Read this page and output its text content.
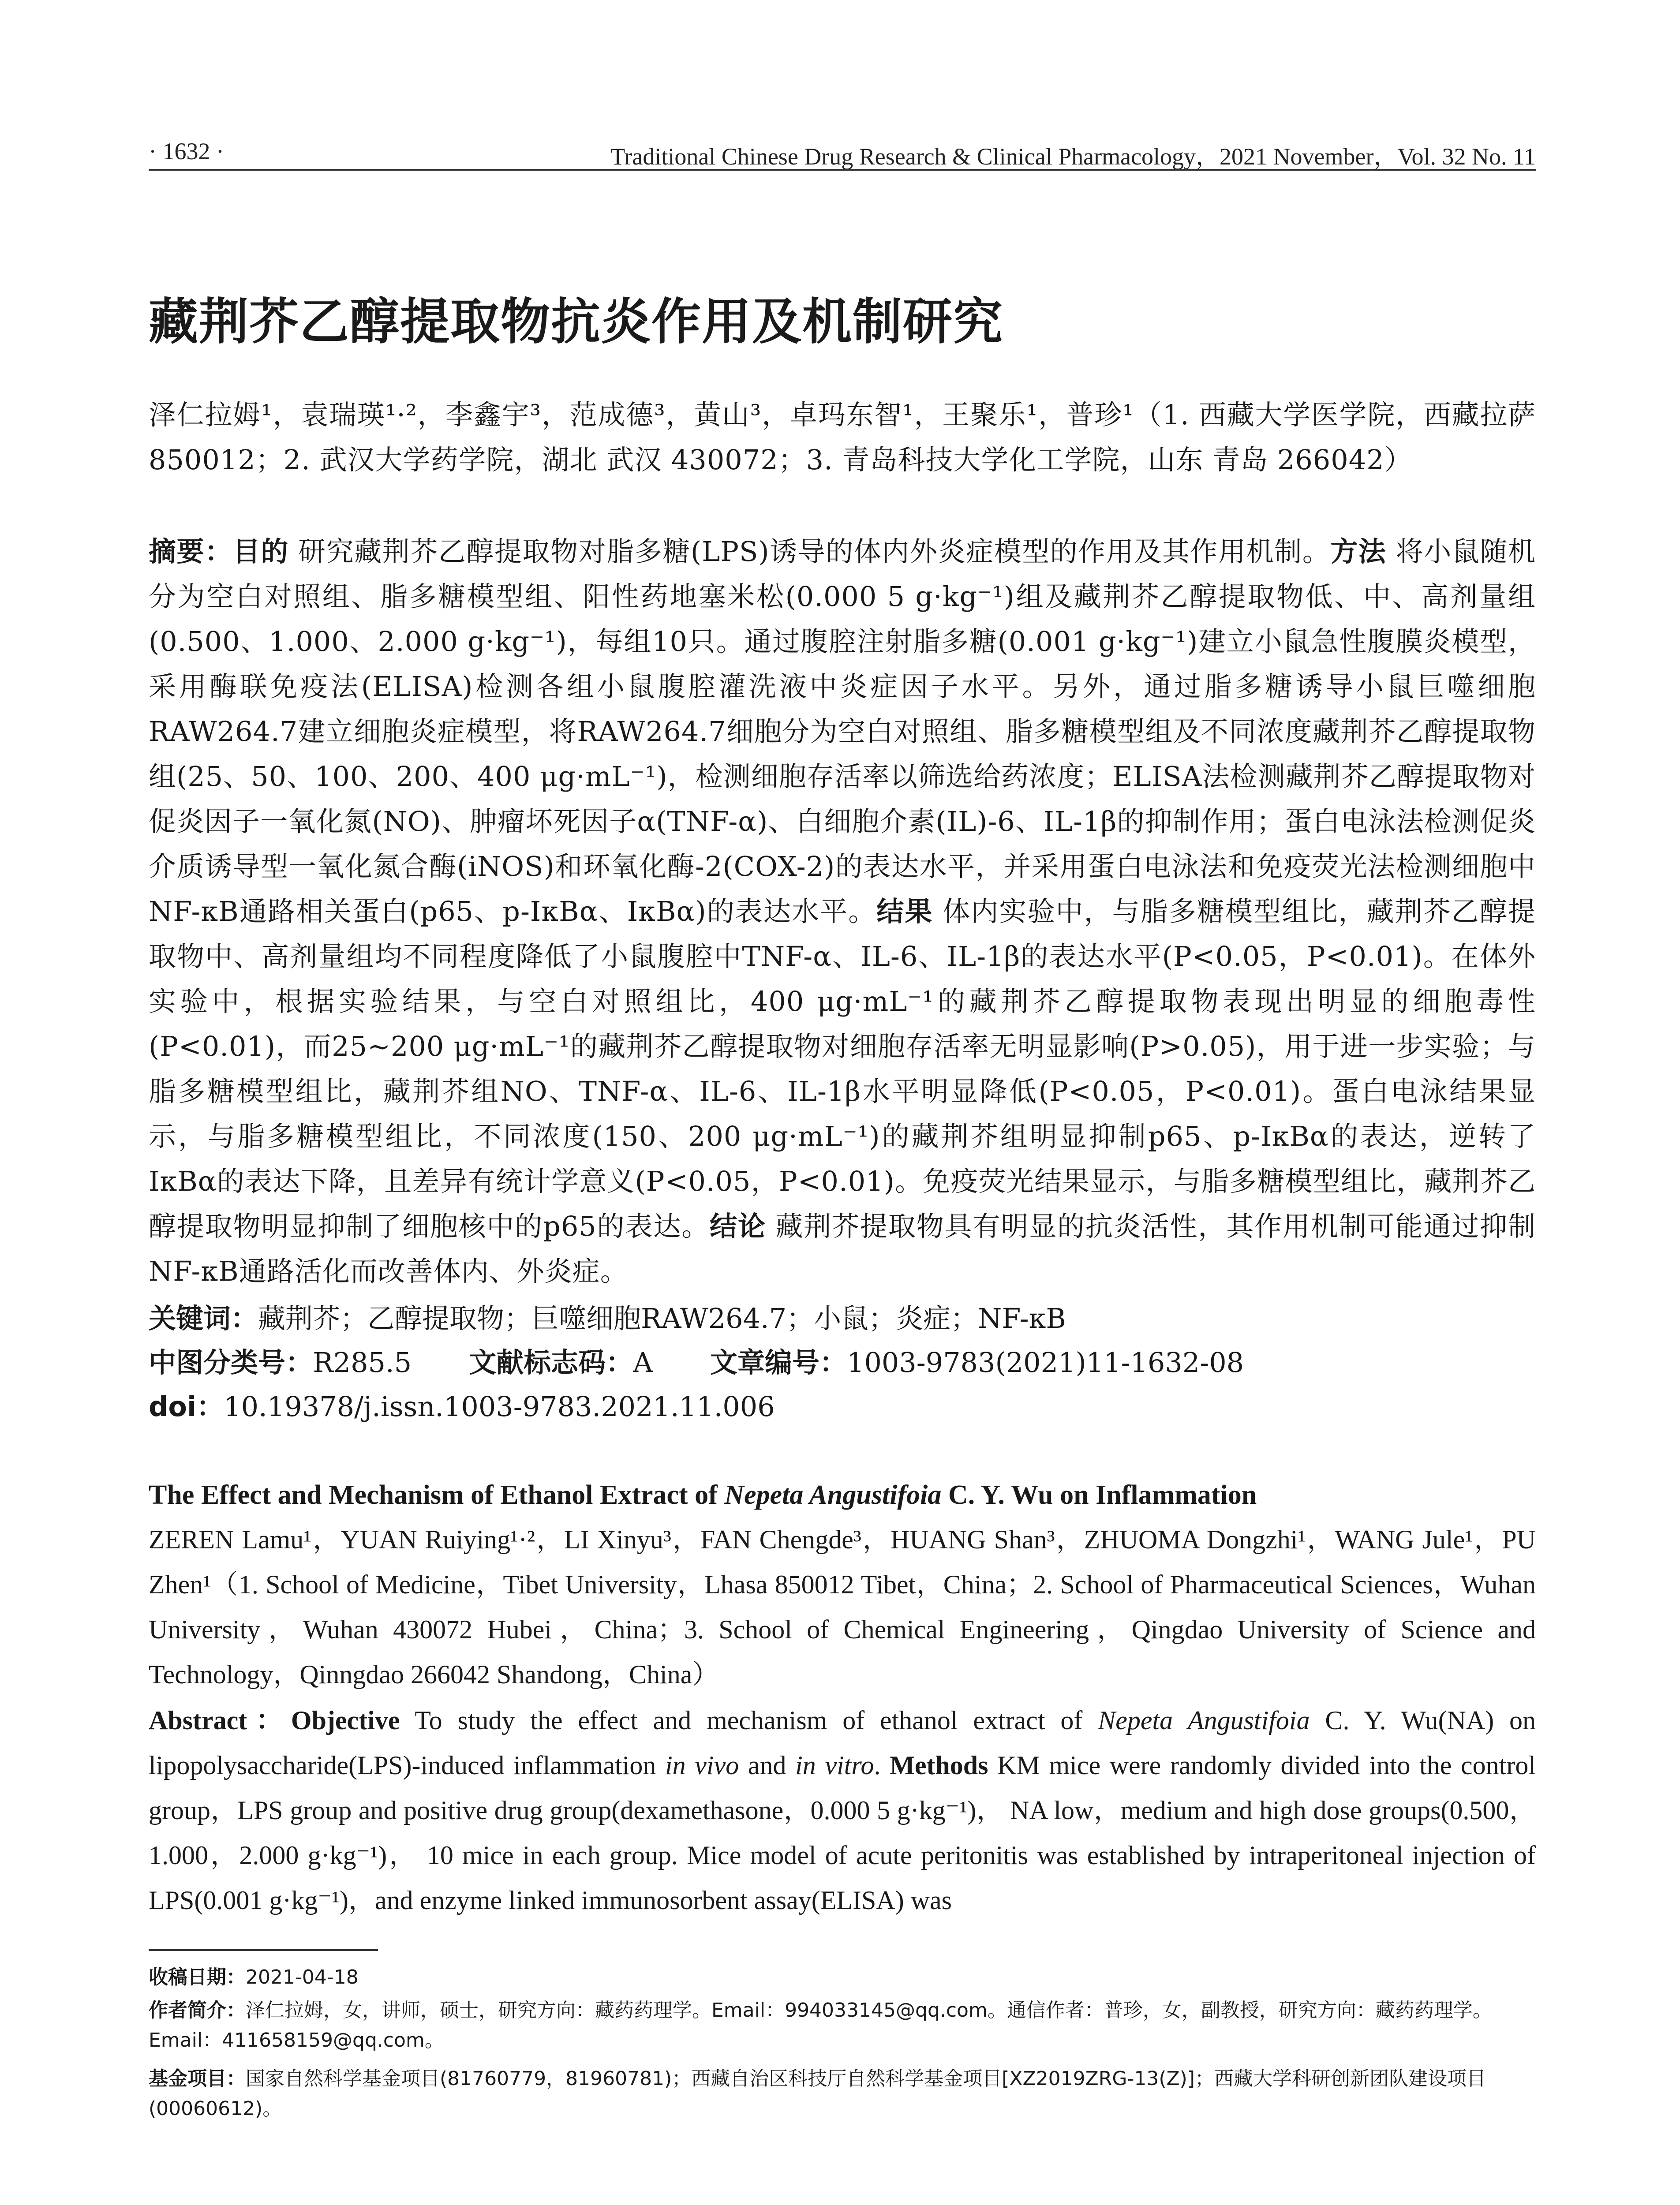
· 1632 ·	Traditional Chinese Drug Research & Clinical Pharmacology，2021 November，Vol. 32 No. 11
藏荆芥乙醇提取物抗炎作用及机制研究
泽仁拉姆¹，袁瑞瑛¹·²，李鑫宇³，范成德³，黄山³，卓玛东智¹，王聚乐¹，普珍¹（1. 西藏大学医学院，西藏拉萨 850012；2. 武汉大学药学院，湖北 武汉 430072；3. 青岛科技大学化工学院，山东 青岛 266042）
摘要：目的 研究藏荆芥乙醇提取物对脂多糖(LPS)诱导的体内外炎症模型的作用及其作用机制。方法 将小鼠随机分为空白对照组、脂多糖模型组、阳性药地塞米松(0.000 5 g·kg⁻¹)组及藏荆芥乙醇提取物低、中、高剂量组(0.500、1.000、2.000 g·kg⁻¹)，每组10只。通过腹腔注射脂多糖(0.001 g·kg⁻¹)建立小鼠急性腹膜炎模型，采用酶联免疫法(ELISA)检测各组小鼠腹腔灌洗液中炎症因子水平。另外，通过脂多糖诱导小鼠巨噬细胞RAW264.7建立细胞炎症模型，将RAW264.7细胞分为空白对照组、脂多糖模型组及不同浓度藏荆芥乙醇提取物组(25、50、100、200、400 μg·mL⁻¹)，检测细胞存活率以筛选给药浓度；ELISA法检测藏荆芥乙醇提取物对促炎因子一氧化氮(NO)、肿瘤坏死因子α(TNF-α)、白细胞介素(IL)-6、IL-1β的抑制作用；蛋白电泳法检测促炎介质诱导型一氧化氮合酶(iNOS)和环氧化酶-2(COX-2)的表达水平，并采用蛋白电泳法和免疫荧光法检测细胞中NF-κB通路相关蛋白(p65、p-IκBα、IκBα)的表达水平。结果 体内实验中，与脂多糖模型组比，藏荆芥乙醇提取物中、高剂量组均不同程度降低了小鼠腹腔中TNF-α、IL-6、IL-1β的表达水平(P<0.05，P<0.01)。在体外实验中，根据实验结果，与空白对照组比，400 μg·mL⁻¹的藏荆芥乙醇提取物表现出明显的细胞毒性(P<0.01)，而25~200 μg·mL⁻¹的藏荆芥乙醇提取物对细胞存活率无明显影响(P>0.05)，用于进一步实验；与脂多糖模型组比，藏荆芥组NO、TNF-α、IL-6、IL-1β水平明显降低(P<0.05，P<0.01)。蛋白电泳结果显示，与脂多糖模型组比，不同浓度(150、200 μg·mL⁻¹)的藏荆芥组明显抑制p65、p-IκBα的表达，逆转了IκBα的表达下降，且差异有统计学意义(P<0.05，P<0.01)。免疫荧光结果显示，与脂多糖模型组比，藏荆芥乙醇提取物明显抑制了细胞核中的p65的表达。结论 藏荆芥提取物具有明显的抗炎活性，其作用机制可能通过抑制NF-κB通路活化而改善体内、外炎症。
关键词：藏荆芥；乙醇提取物；巨噬细胞RAW264.7；小鼠；炎症；NF-κB
中图分类号：R285.5 文献标志码：A 文章编号：1003-9783(2021)11-1632-08
doi：10.19378/j.issn.1003-9783.2021.11.006
The Effect and Mechanism of Ethanol Extract of Nepeta Angustifoia C. Y. Wu on Inflammation
ZEREN Lamu¹，YUAN Ruiying¹·²，LI Xinyu³，FAN Chengde³，HUANG Shan³，ZHUOMA Dongzhi¹，WANG Jule¹，PU Zhen¹（1. School of Medicine，Tibet University，Lhasa 850012 Tibet，China；2. School of Pharmaceutical Sciences，Wuhan University，Wuhan 430072 Hubei，China；3. School of Chemical Engineering，Qingdao University of Science and Technology，Qinngdao 266042 Shandong，China）
Abstract：Objective To study the effect and mechanism of ethanol extract of Nepeta Angustifoia C. Y. Wu(NA) on lipopolysaccharide(LPS)-induced inflammation in vivo and in vitro. Methods KM mice were randomly divided into the control group，LPS group and positive drug group(dexamethasone，0.000 5 g·kg⁻¹)， NA low，medium and high dose groups(0.500，1.000，2.000 g·kg⁻¹)， 10 mice in each group. Mice model of acute peritonitis was established by intraperitoneal injection of LPS(0.001 g·kg⁻¹)，and enzyme linked immunosorbent assay(ELISA) was
收稿日期：2021-04-18
作者简介：泽仁拉姆，女，讲师，硕士，研究方向：藏药药理学。Email：994033145@qq.com。通信作者：普珍，女，副教授，研究方向：藏药药理学。Email：411658159@qq.com。
基金项目：国家自然科学基金项目(81760779，81960781)；西藏自治区科技厅自然科学基金项目[XZ2019ZRG-13(Z)]；西藏大学科研创新团队建设项目(00060612)。
